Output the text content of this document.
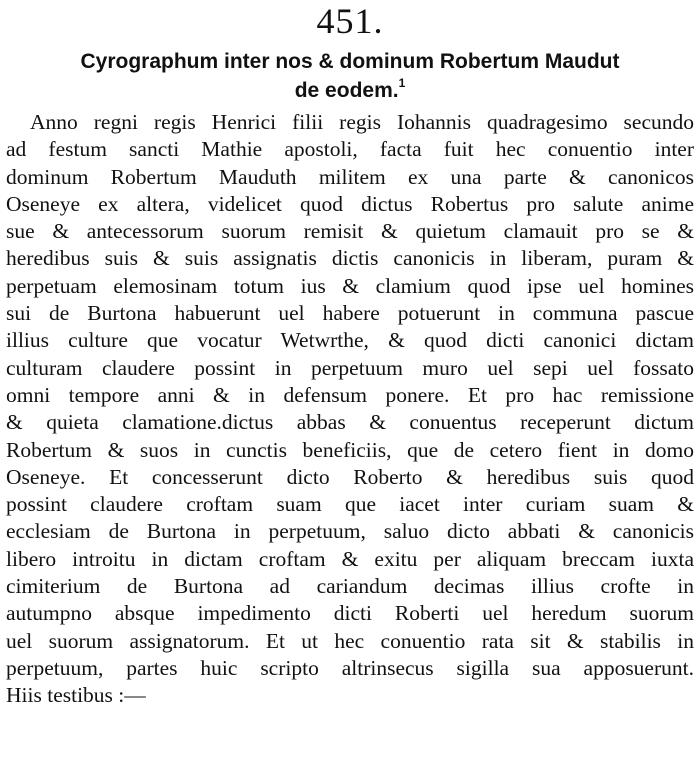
451.
Cyrographum inter nos & dominum Robertum Maudut
de eodem.$^1$
Anno regni regis Henrici filii regis Iohannis quadragesimo secundo
ad festum sancti Mathie apostoli, facta fuit hec conuentio inter
dominum Robertum Mauduth militem ex una parte & canonicos
Oseneye ex altera, videlicet quod dictus Robertus pro salute anime
sue & antecessorum suorum remisit & quietum clamauit pro se &
heredibus suis & suis assignatis dictis canonicis in liberam, puram &
perpetuam elemosinam totum ius & clamium quod ipse uel homines
sui de Burtona habuerunt uel habere potuerunt in communa pascue
illius culture que vocatur Wetwrthe, & quod dicti canonici dictam
culturam claudere possint in perpetuum muro uel sepi uel fossato
omni tempore anni & in defensum ponere. Et pro hac remissione
& quieta clamatione.dictus abbas & conuentus receperunt dictum
Robertum & suos in cunctis beneficiis, que de cetero fient in domo
Oseneye. Et concesserunt dicto Roberto & heredibus suis quod
possint claudere croftam suam que iacet inter curiam suam &
ecclesiam de Burtona in perpetuum, saluo dicto abbati & canonicis
libero introitu in dictam croftam & exitu per aliquam breccam iuxta
cimiterium de Burtona ad cariandum decimas illius crofte in
autumpno absque impedimento dicti Roberti uel heredum suorum
uel suorum assignatorum. Et ut hec conuentio rata sit & stabilis in
perpetuum, partes huic scripto altrinsecus sigilla sua apposuerunt.
Hiis testibus :—
